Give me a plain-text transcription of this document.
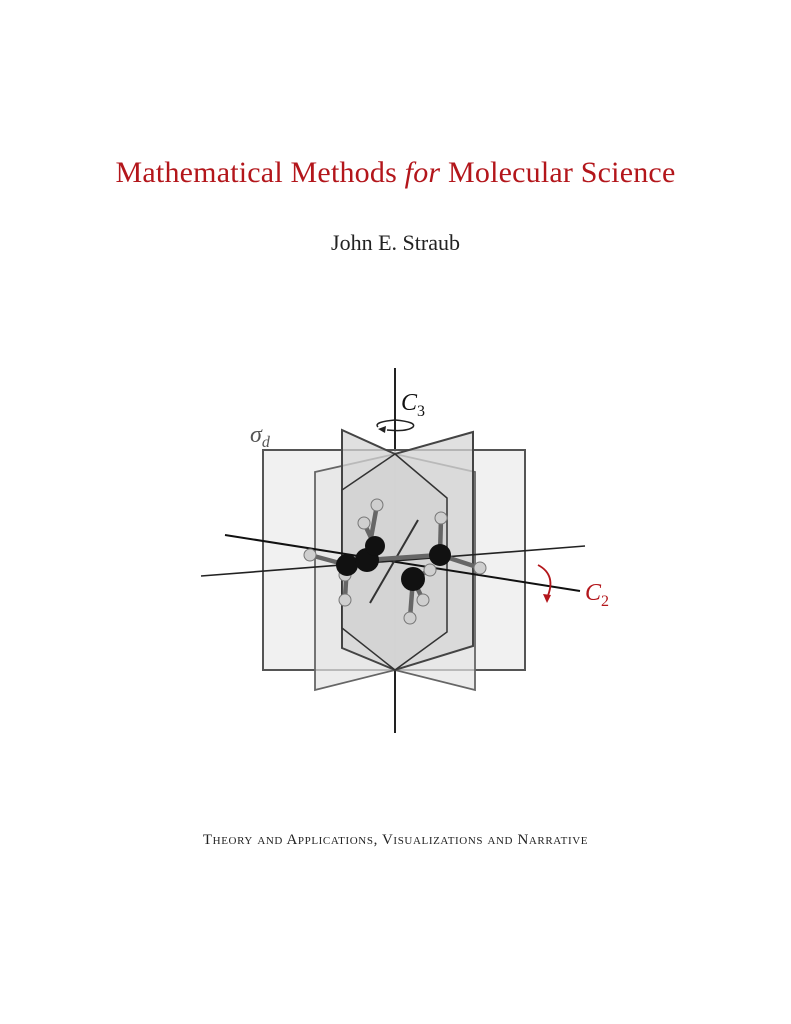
Mathematical Methods for Molecular Science
John E. Straub
$C_3$
$\sigma_d$
$C_2$
Theory and Applications, Visualizations and Narrative
